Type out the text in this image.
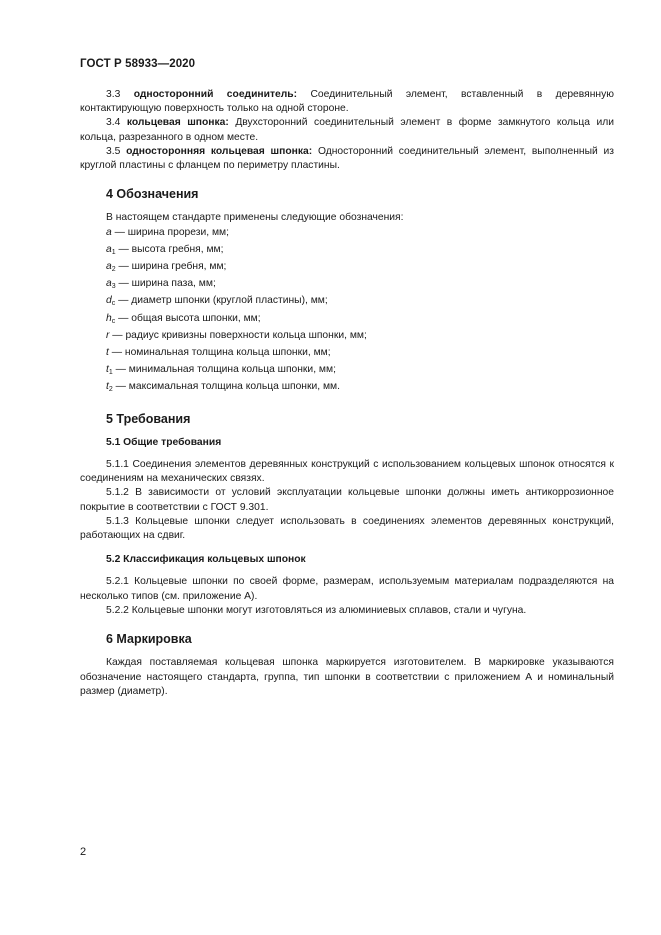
ГОСТ Р 58933—2020

3.3 односторонний соединитель: Соединительный элемент, вставленный в деревянную контактирующую поверхность только на одной стороне.

3.4 кольцевая шпонка: Двухсторонний соединительный элемент в форме замкнутого кольца или кольца, разрезанного в одном месте.

3.5 односторонняя кольцевая шпонка: Односторонний соединительный элемент, выполненный из круглой пластины с фланцем по периметру пластины.

4 Обозначения

В настоящем стандарте применены следующие обозначения:

a — ширина прорези, мм;
$a_1$ — высота гребня, мм;
$a_2$ — ширина гребня, мм;
$a_3$ — ширина паза, мм;
$d_c$ — диаметр шпонки (круглой пластины), мм;
$h_c$ — общая высота шпонки, мм;
r — радиус кривизны поверхности кольца шпонки, мм;
t — номинальная толщина кольца шпонки, мм;
$t_1$ — минимальная толщина кольца шпонки, мм;
$t_2$ — максимальная толщина кольца шпонки, мм.
5 Требования
5.1 Общие требования

5.1.1 Соединения элементов деревянных конструкций с использованием кольцевых шпонок относятся к соединениям на механических связях.

5.1.2 В зависимости от условий эксплуатации кольцевые шпонки должны иметь антикоррозионное покрытие в соответствии с ГОСТ 9.301.

5.1.3 Кольцевые шпонки следует использовать в соединениях элементов деревянных конструкций, работающих на сдвиг.

5.2 Классификация кольцевых шпонок

5.2.1 Кольцевые шпонки по своей форме, размерам, используемым материалам подразделяются на несколько типов (см. приложение А).

5.2.2 Кольцевые шпонки могут изготовляться из алюминиевых сплавов, стали и чугуна.

6 Маркировка

Каждая поставляемая кольцевая шпонка маркируется изготовителем. В маркировке указываются обозначение настоящего стандарта, группа, тип шпонки в соответствии с приложением А и номинальный размер (диаметр).

2
